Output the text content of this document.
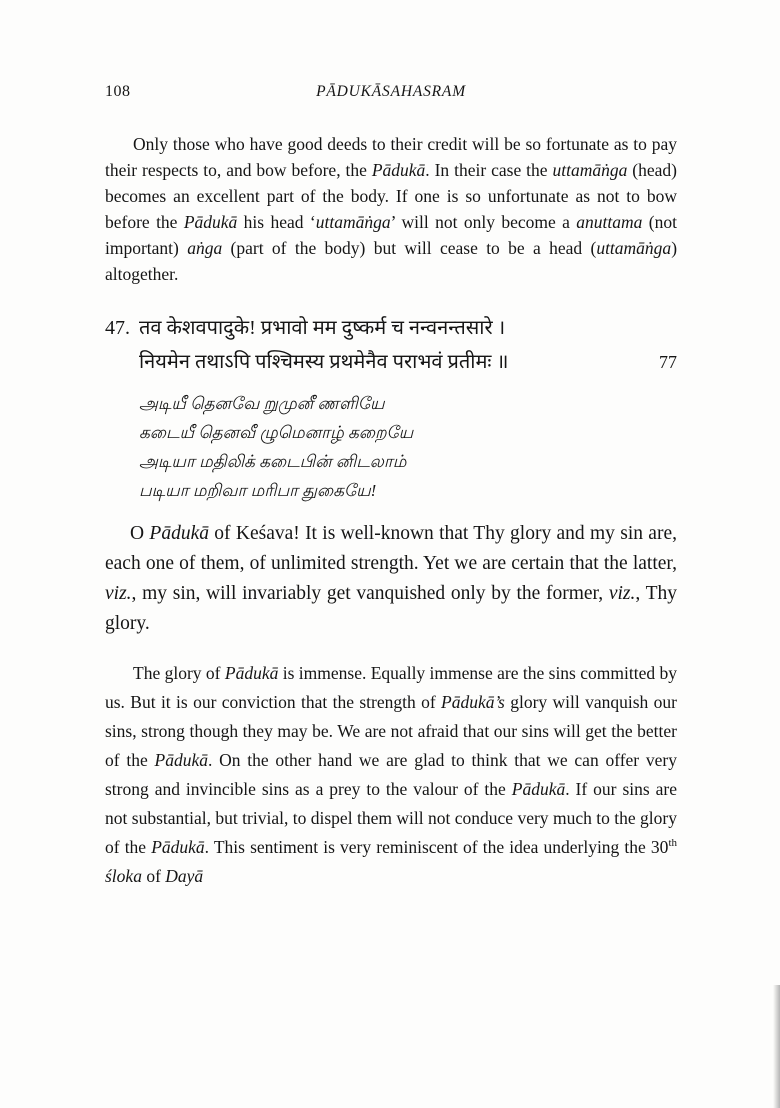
108	PĀDUKĀSAHASRAM

Only those who have good deeds to their credit will be so fortunate as to pay their respects to, and bow before, the Pādukā. In their case the uttamāṅga (head) becomes an excellent part of the body. If one is so unfortunate as not to bow before the Pādukā his head ‘uttamāṅga’ will not only become a anuttama (not important) aṅga (part of the body) but will cease to be a head (uttamāṅga) altogether.

47. तव केशवपादुके! प्रभावो मम दुष्कर्म च नन्वनन्तसारे ।
नियमेन तथाऽपि पश्चिमस्य प्रथमेनैव पराभवं प्रतीमः ॥	77
அடியீ தெனவே றுமுனீ ணளியே
கடையீ தெனவீ ழுமெனாழ் கறையே
அடியா மதிலிக் கடைபின் னிடலாம்
படியா மறிவா மரிபா துகையே!

O Pādukā of Keśava! It is well-known that Thy glory and my sin are, each one of them, of unlimited strength. Yet we are certain that the latter, viz., my sin, will invariably get vanquished only by the former, viz., Thy glory.

The glory of Pādukā is immense. Equally immense are the sins committed by us. But it is our conviction that the strength of Pādukā’s glory will vanquish our sins, strong though they may be. We are not afraid that our sins will get the better of the Pādukā. On the other hand we are glad to think that we can offer very strong and invincible sins as a prey to the valour of the Pādukā. If our sins are not substantial, but trivial, to dispel them will not conduce very much to the glory of the Pādukā. This sentiment is very reminiscent of the idea underlying the 30th śloka of Dayā
